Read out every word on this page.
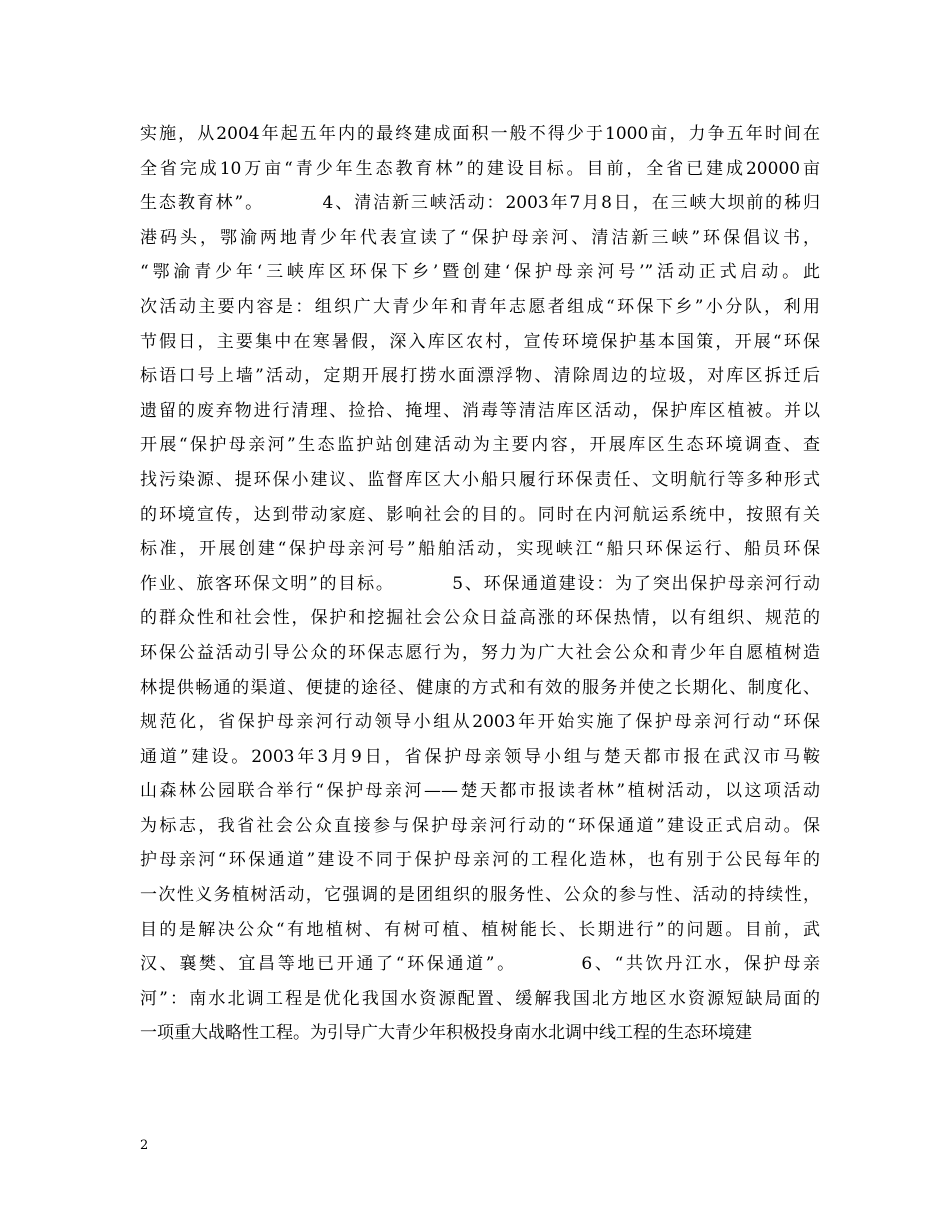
实施，从2004年起五年内的最终建成面积一般不得少于1000亩，力争五年时间在
全省完成10万亩“青少年生态教育林”的建设目标。目前，全省已建成20000亩
生态教育林”。        4、清洁新三峡活动：2003年7月8日，在三峡大坝前的秭归
港码头，鄂渝两地青少年代表宣读了“保护母亲河、清洁新三峡”环保倡议书，
“鄂渝青少年‘三峡库区环保下乡’暨创建‘保护母亲河号’”活动正式启动。此
次活动主要内容是：组织广大青少年和青年志愿者组成“环保下乡”小分队，利用
节假日，主要集中在寒暑假，深入库区农村，宣传环境保护基本国策，开展“环保
标语口号上墙”活动，定期开展打捞水面漂浮物、清除周边的垃圾，对库区拆迁后
遗留的废弃物进行清理、捡拾、掩埋、消毒等清洁库区活动，保护库区植被。并以
开展“保护母亲河”生态监护站创建活动为主要内容，开展库区生态环境调查、查
找污染源、提环保小建议、监督库区大小船只履行环保责任、文明航行等多种形式
的环境宣传，达到带动家庭、影响社会的目的。同时在内河航运系统中，按照有关
标准，开展创建“保护母亲河号”船舶活动，实现峡江“船只环保运行、船员环保
作业、旅客环保文明”的目标。        5、环保通道建设：为了突出保护母亲河行动
的群众性和社会性，保护和挖掘社会公众日益高涨的环保热情，以有组织、规范的
环保公益活动引导公众的环保志愿行为，努力为广大社会公众和青少年自愿植树造
林提供畅通的渠道、便捷的途径、健康的方式和有效的服务并使之长期化、制度化、
规范化，省保护母亲河行动领导小组从2003年开始实施了保护母亲河行动“环保
通道”建设。2003年3月9日，省保护母亲领导小组与楚天都市报在武汉市马鞍
山森林公园联合举行“保护母亲河——楚天都市报读者林”植树活动，以这项活动
为标志，我省社会公众直接参与保护母亲河行动的“环保通道”建设正式启动。保
护母亲河“环保通道”建设不同于保护母亲河的工程化造林，也有别于公民每年的
一次性义务植树活动，它强调的是团组织的服务性、公众的参与性、活动的持续性，
目的是解决公众“有地植树、有树可植、植树能长、长期进行”的问题。目前，武
汉、襄樊、宜昌等地已开通了“环保通道”。        6、“共饮丹江水，保护母亲
河”：南水北调工程是优化我国水资源配置、缓解我国北方地区水资源短缺局面的
一项重大战略性工程。为引导广大青少年积极投身南水北调中线工程的生态环境建
2
